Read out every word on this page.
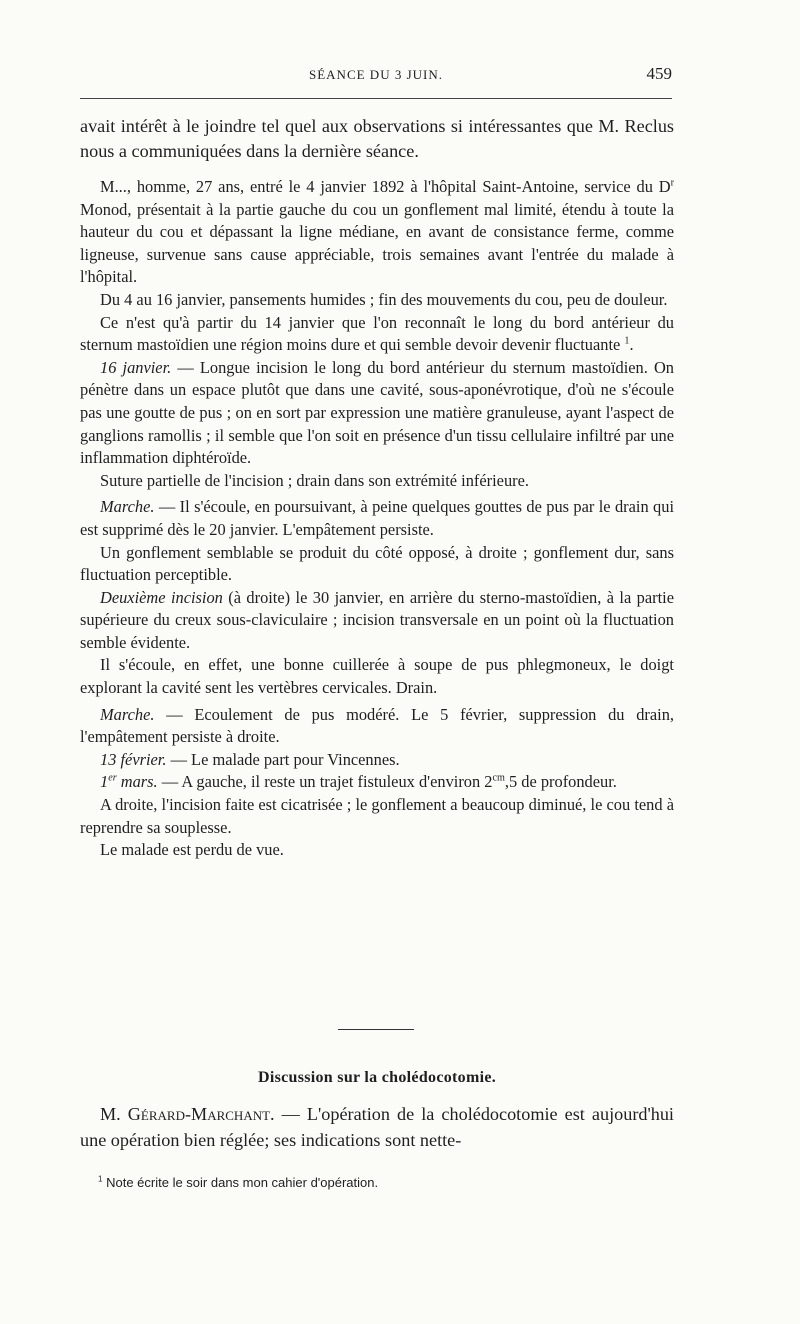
SÉANCE DU 3 JUIN.	459

avait intérêt à le joindre tel quel aux observations si intéressantes que M. Reclus nous a communiquées dans la dernière séance.

M..., homme, 27 ans, entré le 4 janvier 1892 à l'hôpital Saint-Antoine, service du $D^r$ Monod, présentait à la partie gauche du cou un gonflement mal limité, étendu à toute la hauteur du cou et dépassant la ligne médiane, en avant de consistance ferme, comme ligneuse, survenue sans cause appréciable, trois semaines avant l'entrée du malade à l'hôpital.

Du 4 au 16 janvier, pansements humides ; fin des mouvements du cou, peu de douleur.

Ce n'est qu'à partir du 14 janvier que l'on reconnaît le long du bord antérieur du sternum mastoïdien une région moins dure et qui semble devoir devenir fluctuante $^1$.

16 janvier. — Longue incision le long du bord antérieur du sternum mastoïdien. On pénètre dans un espace plutôt que dans une cavité, sous-aponévrotique, d'où ne s'écoule pas une goutte de pus ; on en sort par expression une matière granuleuse, ayant l'aspect de ganglions ramollis ; il semble que l'on soit en présence d'un tissu cellulaire infiltré par une inflammation diphtéroïde.

Suture partielle de l'incision ; drain dans son extrémité inférieure.

Marche. — Il s'écoule, en poursuivant, à peine quelques gouttes de pus par le drain qui est supprimé dès le 20 janvier. L'empâtement persiste.

Un gonflement semblable se produit du côté opposé, à droite ; gonflement dur, sans fluctuation perceptible.

Deuxième incision (à droite) le 30 janvier, en arrière du sterno-mastoïdien, à la partie supérieure du creux sous-claviculaire ; incision transversale en un point où la fluctuation semble évidente.

Il s'écoule, en effet, une bonne cuillerée à soupe de pus phlegmoneux, le doigt explorant la cavité sent les vertèbres cervicales. Drain.

Marche. — Ecoulement de pus modéré. Le 5 février, suppression du drain, l'empâtement persiste à droite.

13 février. — Le malade part pour Vincennes.

1er mars. — A gauche, il reste un trajet fistuleux d'environ $2^{cm},5$ de profondeur.

A droite, l'incision faite est cicatrisée ; le gonflement a beaucoup diminué, le cou tend à reprendre sa souplesse.

Le malade est perdu de vue.

Discussion sur la cholédocotomie.

M. Gérard-Marchant. — L'opération de la cholédocotomie est aujourd'hui une opération bien réglée; ses indications sont nette-

$^1$ Note écrite le soir dans mon cahier d'opération.
